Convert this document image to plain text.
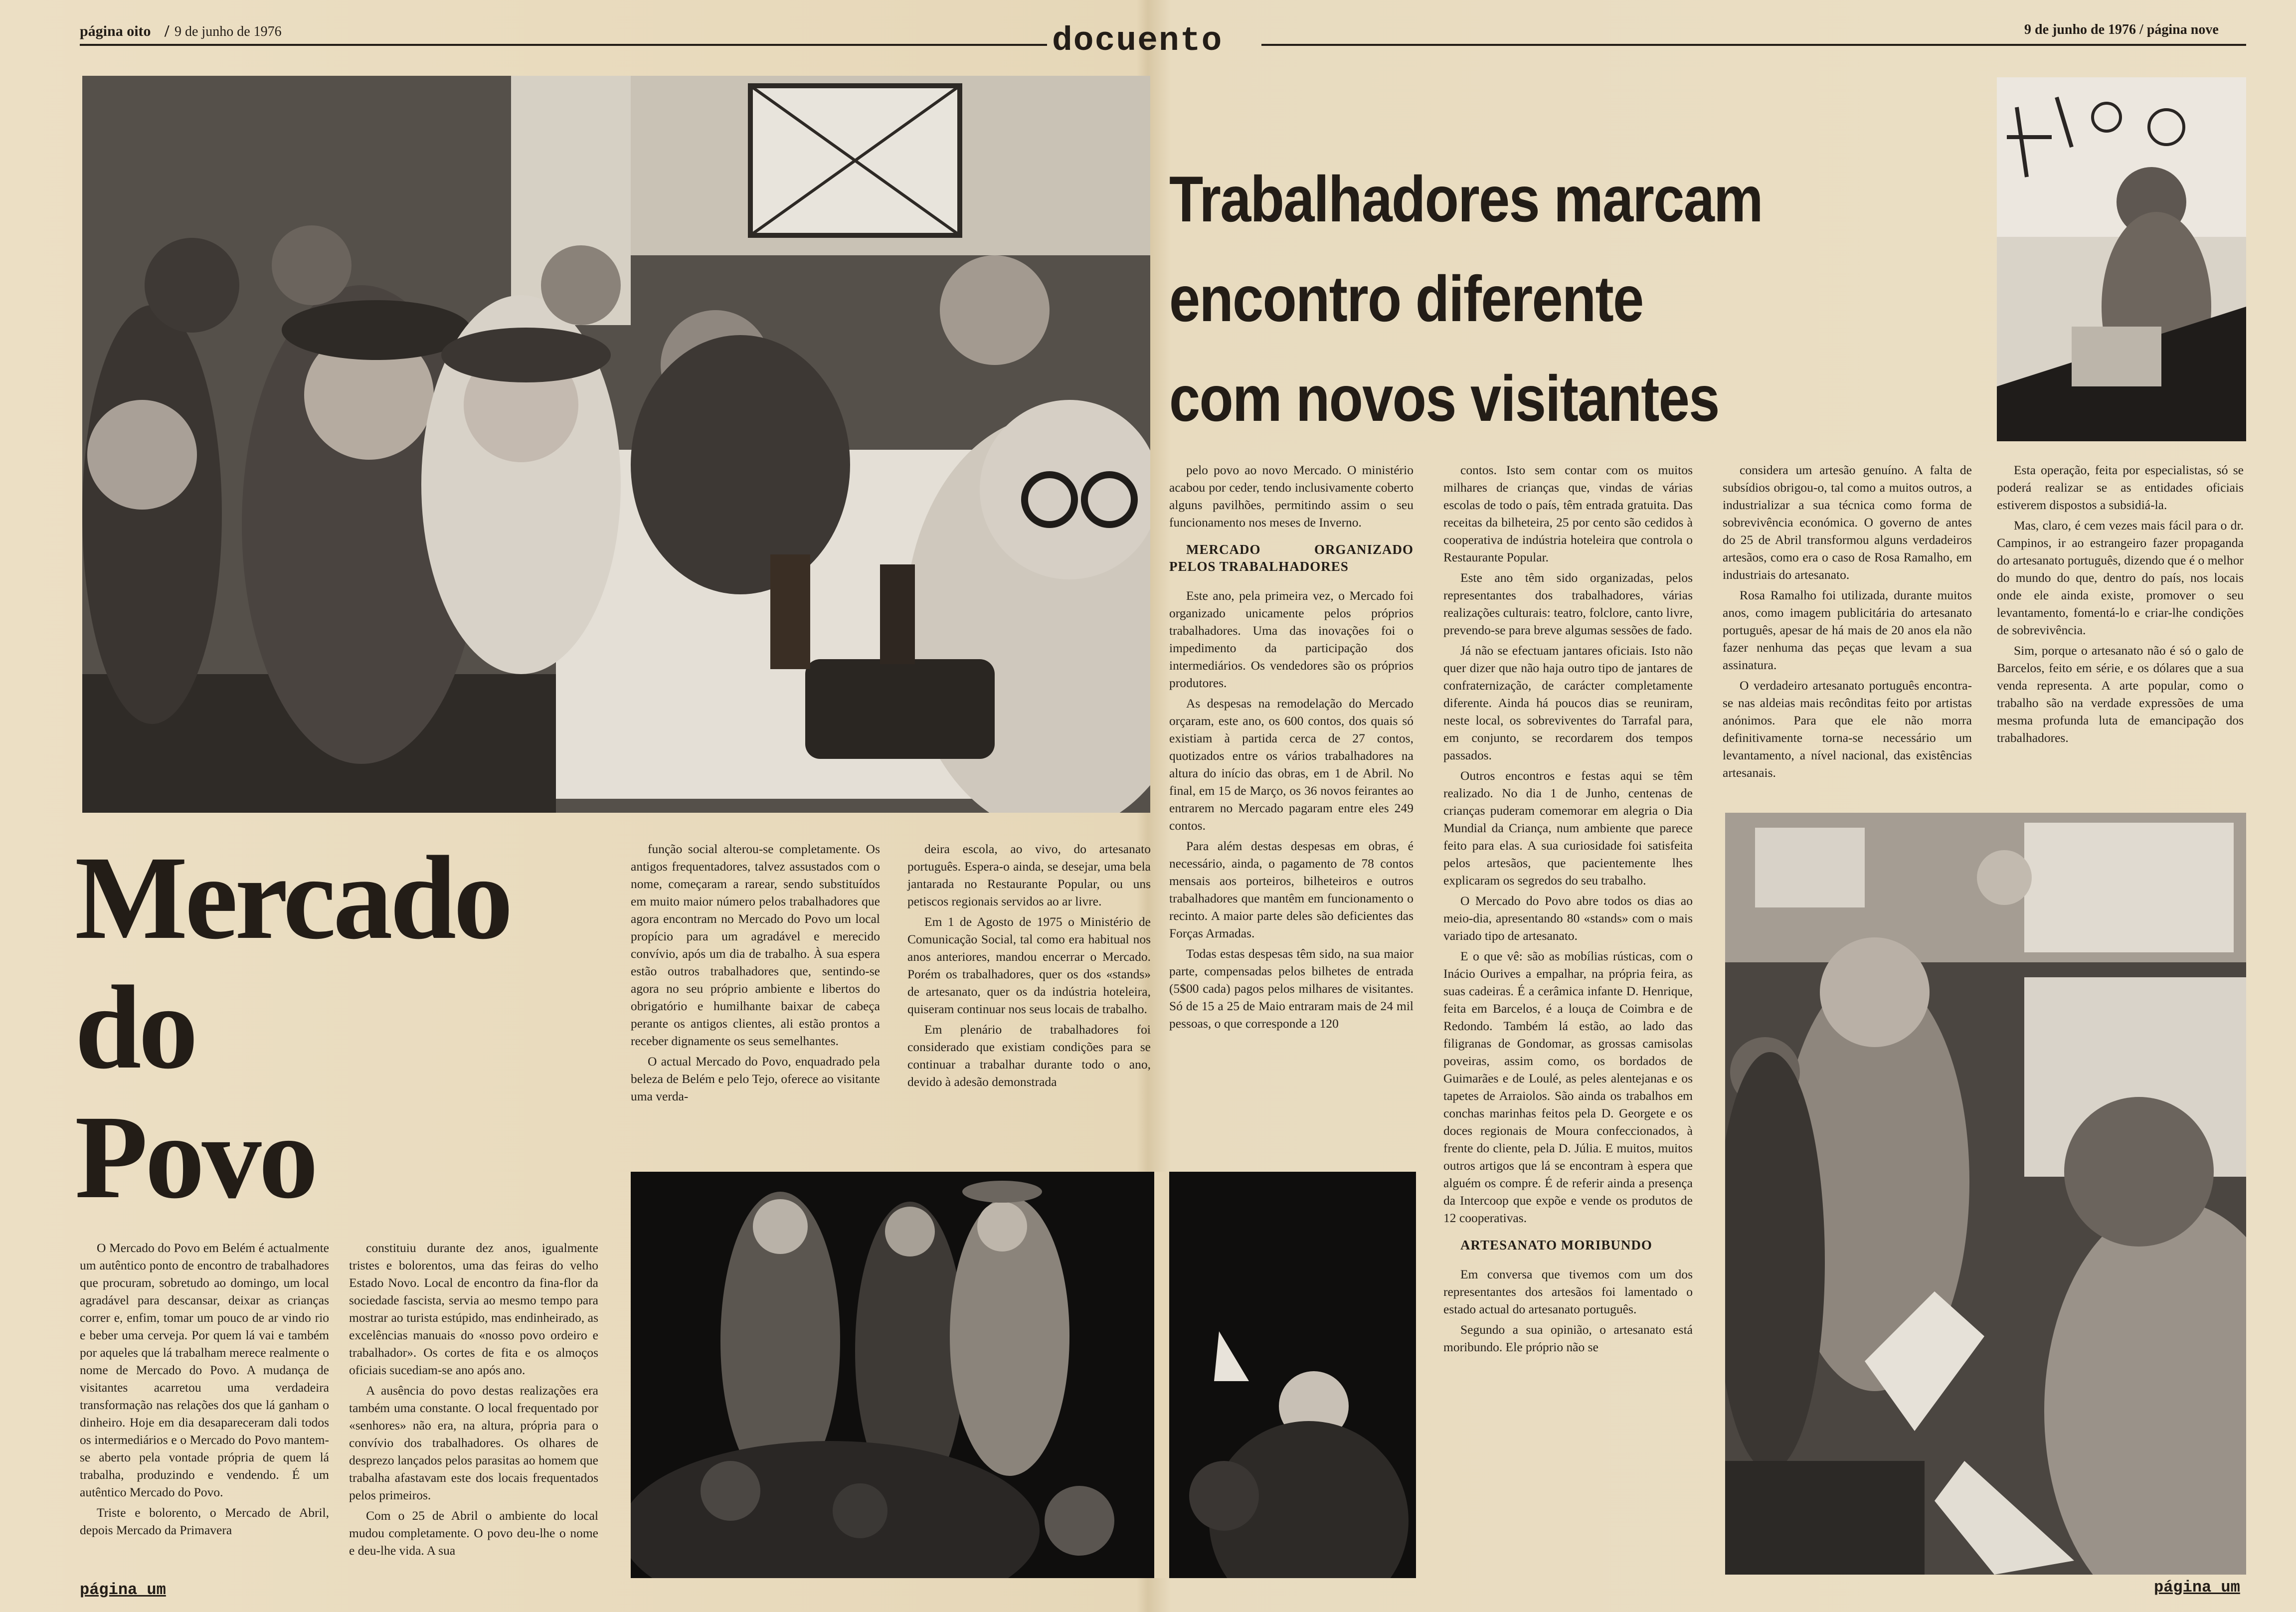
página oito / 9 de junho de 1976	docuento	9 de junho de 1976 / página nove
Mercado
do
Povo

O Mercado do Povo em Belém é actualmente um autêntico ponto de encontro de trabalhadores que procuram, sobretudo ao domingo, um local agradável para descansar, deixar as crianças correr e, enfim, tomar um pouco de ar vindo rio e beber uma cerveja. Por quem lá vai e também por aqueles que lá trabalham merece realmente o nome de Mercado do Povo. A mudança de visitantes acarretou uma verdadeira transformação nas relações dos que lá ganham o dinheiro. Hoje em dia desapareceram dali todos os intermediários e o Mercado do Povo mantem-se aberto pela vontade própria de quem lá trabalha, produzindo e vendendo. É um autêntico Mercado do Povo.

Triste e bolorento, o Mercado de Abril, depois Mercado da Primavera

constituiu durante dez anos, igualmente tristes e bolorentos, uma das feiras do velho Estado Novo. Local de encontro da fina-flor da sociedade fascista, servia ao mesmo tempo para mostrar ao turista estúpido, mas endinheirado, as excelências manuais do «nosso povo ordeiro e trabalhador». Os cortes de fita e os almoços oficiais sucediam-se ano após ano.

A ausência do povo destas realizações era também uma constante. O local frequentado por «senhores» não era, na altura, própria para o convívio dos trabalhadores. Os olhares de desprezo lançados pelos parasitas ao homem que trabalha afastavam este dos locais frequentados pelos primeiros.

Com o 25 de Abril o ambiente do local mudou completamente. O povo deu-lhe o nome e deu-lhe vida. A sua

função social alterou-se completamente. Os antigos frequentadores, talvez assustados com o nome, começaram a rarear, sendo substituídos em muito maior número pelos trabalhadores que agora encontram no Mercado do Povo um local propício para um agradável e merecido convívio, após um dia de trabalho. À sua espera estão outros trabalhadores que, sentindo-se agora no seu próprio ambiente e libertos do obrigatório e humilhante baixar de cabeça perante os antigos clientes, ali estão prontos a receber dignamente os seus semelhantes.

O actual Mercado do Povo, enquadrado pela beleza de Belém e pelo Tejo, oferece ao visitante uma verda-

deira escola, ao vivo, do artesanato português. Espera-o ainda, se desejar, uma bela jantarada no Restaurante Popular, ou uns petiscos regionais servidos ao ar livre.

Em 1 de Agosto de 1975 o Ministério de Comunicação Social, tal como era habitual nos anos anteriores, mandou encerrar o Mercado. Porém os trabalhadores, quer os dos «stands» de artesanato, quer os da indústria hoteleira, quiseram continuar nos seus locais de trabalho.

Em plenário de trabalhadores foi considerado que existiam condições para se continuar a trabalhar durante todo o ano, devido à adesão demonstrada

página um
Trabalhadores marcam
encontro diferente
com novos visitantes

pelo povo ao novo Mercado. O ministério acabou por ceder, tendo inclusivamente coberto alguns pavilhões, permitindo assim o seu funcionamento nos meses de Inverno.

MERCADO ORGANIZADO PELOS TRABALHADORES

Este ano, pela primeira vez, o Mercado foi organizado unicamente pelos próprios trabalhadores. Uma das inovações foi o impedimento da participação dos intermediários. Os vendedores são os próprios produtores.

As despesas na remodelação do Mercado orçaram, este ano, os 600 contos, dos quais só existiam à partida cerca de 27 contos, quotizados entre os vários trabalhadores na altura do início das obras, em 1 de Abril. No final, em 15 de Março, os 36 novos feirantes ao entrarem no Mercado pagaram entre eles 249 contos.

Para além destas despesas em obras, é necessário, ainda, o pagamento de 78 contos mensais aos porteiros, bilheteiros e outros trabalhadores que mantêm em funcionamento o recinto. A maior parte deles são deficientes das Forças Armadas.

Todas estas despesas têm sido, na sua maior parte, compensadas pelos bilhetes de entrada (5$00 cada) pagos pelos milhares de visitantes. Só de 15 a 25 de Maio entraram mais de 24 mil pessoas, o que corresponde a 120

contos. Isto sem contar com os muitos milhares de crianças que, vindas de várias escolas de todo o país, têm entrada gratuita. Das receitas da bilheteira, 25 por cento são cedidos à cooperativa de indústria hoteleira que controla o Restaurante Popular.

Este ano têm sido organizadas, pelos representantes dos trabalhadores, várias realizações culturais: teatro, folclore, canto livre, prevendo-se para breve algumas sessões de fado.

Já não se efectuam jantares oficiais. Isto não quer dizer que não haja outro tipo de jantares de confraternização, de carácter completamente diferente. Ainda há poucos dias se reuniram, neste local, os sobreviventes do Tarrafal para, em conjunto, se recordarem dos tempos passados.

Outros encontros e festas aqui se têm realizado. No dia 1 de Junho, centenas de crianças puderam comemorar em alegria o Dia Mundial da Criança, num ambiente que parece feito para elas. A sua curiosidade foi satisfeita pelos artesãos, que pacientemente lhes explicaram os segredos do seu trabalho.

O Mercado do Povo abre todos os dias ao meio-dia, apresentando 80 «stands» com o mais variado tipo de artesanato.

E o que vê: são as mobílias rústicas, com o Inácio Ourives a empalhar, na própria feira, as suas cadeiras. É a cerâmica infante D. Henrique, feita em Barcelos, é a louça de Coimbra e de Redondo. Também lá estão, ao lado das filigranas de Gondomar, as grossas camisolas poveiras, assim como, os bordados de Guimarães e de Loulé, as peles alentejanas e os tapetes de Arraiolos. São ainda os trabalhos em conchas marinhas feitos pela D. Georgete e os doces regionais de Moura confeccionados, à frente do cliente, pela D. Júlia. E muitos, muitos outros artigos que lá se encontram à espera que alguém os compre. É de referir ainda a presença da Intercoop que expõe e vende os produtos de 12 cooperativas.

ARTESANATO MORIBUNDO

Em conversa que tivemos com um dos representantes dos artesãos foi lamentado o estado actual do artesanato português.

Segundo a sua opinião, o artesanato está moribundo. Ele próprio não se

considera um artesão genuíno. A falta de subsídios obrigou-o, tal como a muitos outros, a industrializar a sua técnica como forma de sobrevivência económica. O governo de antes do 25 de Abril transformou alguns verdadeiros artesãos, como era o caso de Rosa Ramalho, em industriais do artesanato.

Rosa Ramalho foi utilizada, durante muitos anos, como imagem publicitária do artesanato português, apesar de há mais de 20 anos ela não fazer nenhuma das peças que levam a sua assinatura.

O verdadeiro artesanato português encontra-se nas aldeias mais recônditas feito por artistas anónimos. Para que ele não morra definitivamente torna-se necessário um levantamento, a nível nacional, das existências artesanais.

Esta operação, feita por especialistas, só se poderá realizar se as entidades oficiais estiverem dispostos a subsidiá-la.

Mas, claro, é cem vezes mais fácil para o dr. Campinos, ir ao estrangeiro fazer propaganda do artesanato português, dizendo que é o melhor do mundo do que, dentro do país, nos locais onde ele ainda existe, promover o seu levantamento, fomentá-lo e criar-lhe condições de sobrevivência.

Sim, porque o artesanato não é só o galo de Barcelos, feito em série, e os dólares que a sua venda representa. A arte popular, como o trabalho são na verdade expressões de uma mesma profunda luta de emancipação dos trabalhadores.

página um
